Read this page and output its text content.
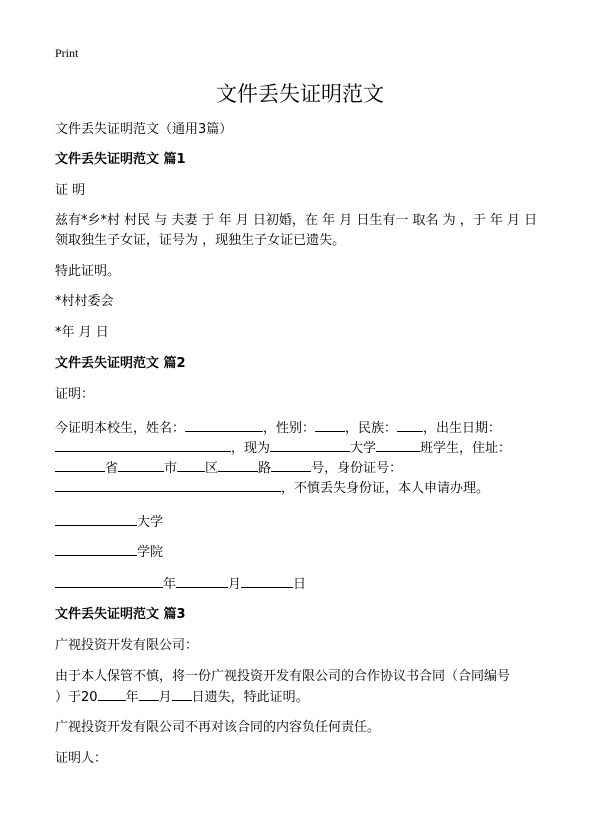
Print
文件丢失证明范文
文件丢失证明范文（通用3篇）
文件丢失证明范文 篇1
证 明
兹有*乡*村 村民 与 夫妻 于 年 月 日初婚，在 年 月 日生有一 取名 为 ，于 年 月 日
领取独生子女证，证号为 ，现独生子女证已遗失。
特此证明。
*村村委会
*年 月 日
文件丢失证明范文 篇2
证明：
今证明本校生，姓名：	，性别： ，民族： ，出生日期：
，现为	大学	班学生，住址：
省	市 区	路	号，身份证号：
，不慎丢失身份证，本人申请办理。
大学
学院
年	月	日
文件丢失证明范文 篇3
广视投资开发有限公司：
由于本人保管不慎，将一份广视投资开发有限公司的合作协议书合同（合同编号
）于20 年 月 日遗失，特此证明。
广视投资开发有限公司不再对该合同的内容负任何责任。
证明人：
